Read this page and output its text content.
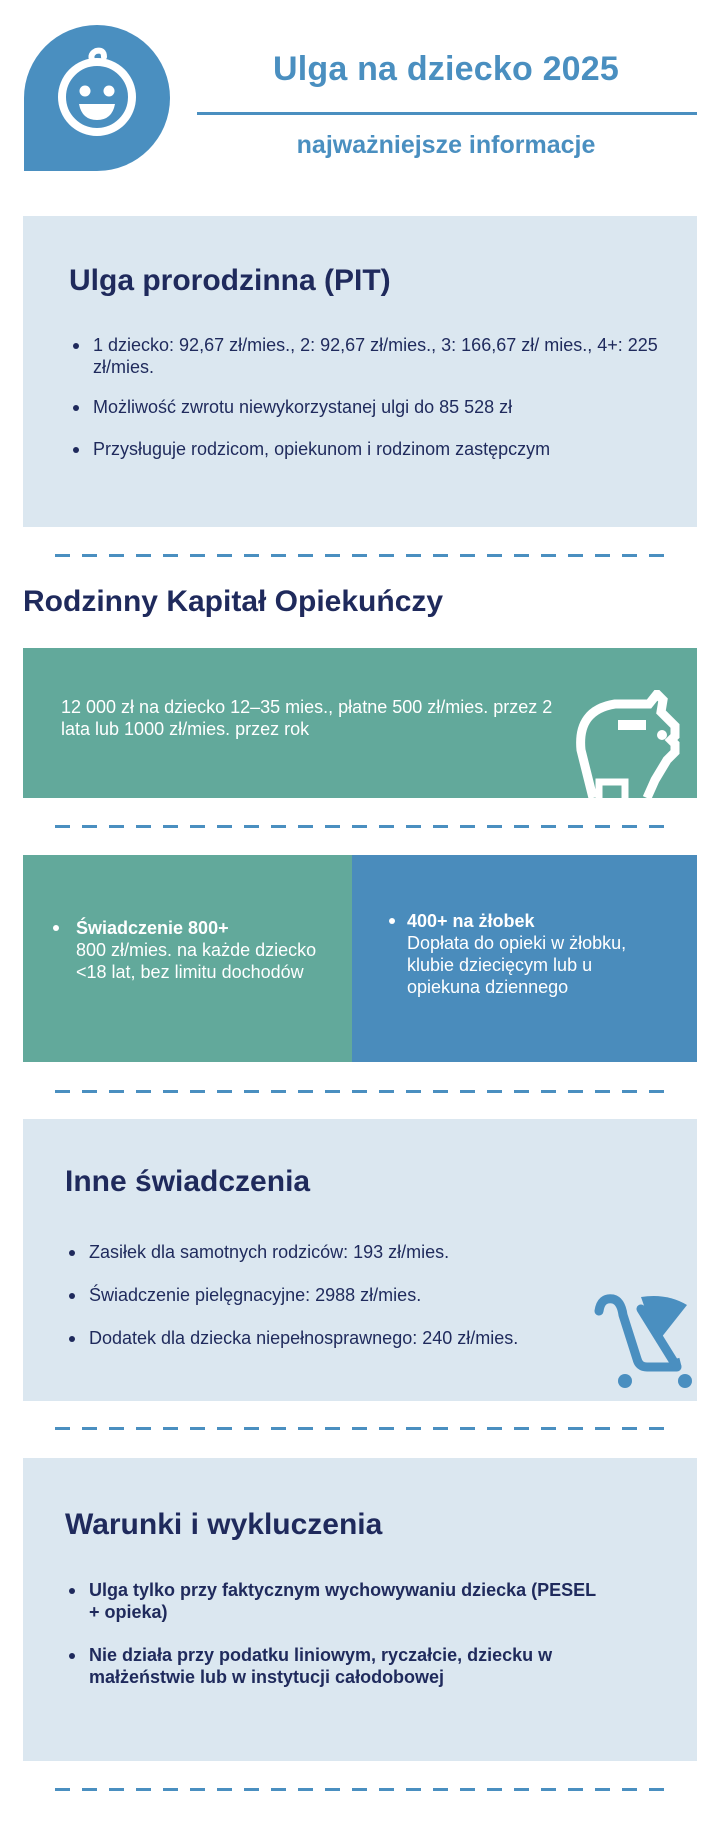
Ulga na dziecko 2025
najważniejsze informacje
Ulga prorodzinna (PIT)
1 dziecko: 92,67 zł/mies., 2: 92,67 zł/mies., 3: 166,67 zł/ mies., 4+: 225 zł/mies.
Możliwość zwrotu niewykorzystanej ulgi do 85 528 zł
Przysługuje rodzicom, opiekunom i rodzinom zastępczym
Rodzinny Kapitał Opiekuńczy
12 000 zł na dziecko 12–35 mies., płatne 500 zł/mies. przez 2 lata lub 1000 zł/mies. przez rok
Świadczenie 800+
800 zł/mies. na każde dziecko <18 lat, bez limitu dochodów
400+ na żłobek
Dopłata do opieki w żłobku, klubie dziecięcym lub u opiekuna dziennego
Inne świadczenia
Zasiłek dla samotnych rodziców: 193 zł/mies.
Świadczenie pielęgnacyjne: 2988 zł/mies.
Dodatek dla dziecka niepełnosprawnego: 240 zł/mies.
Warunki i wykluczenia
Ulga tylko przy faktycznym wychowywaniu dziecka (PESEL + opieka)
Nie działa przy podatku liniowym, ryczałcie, dziecku w małżeństwie lub w instytucji całodobowej
